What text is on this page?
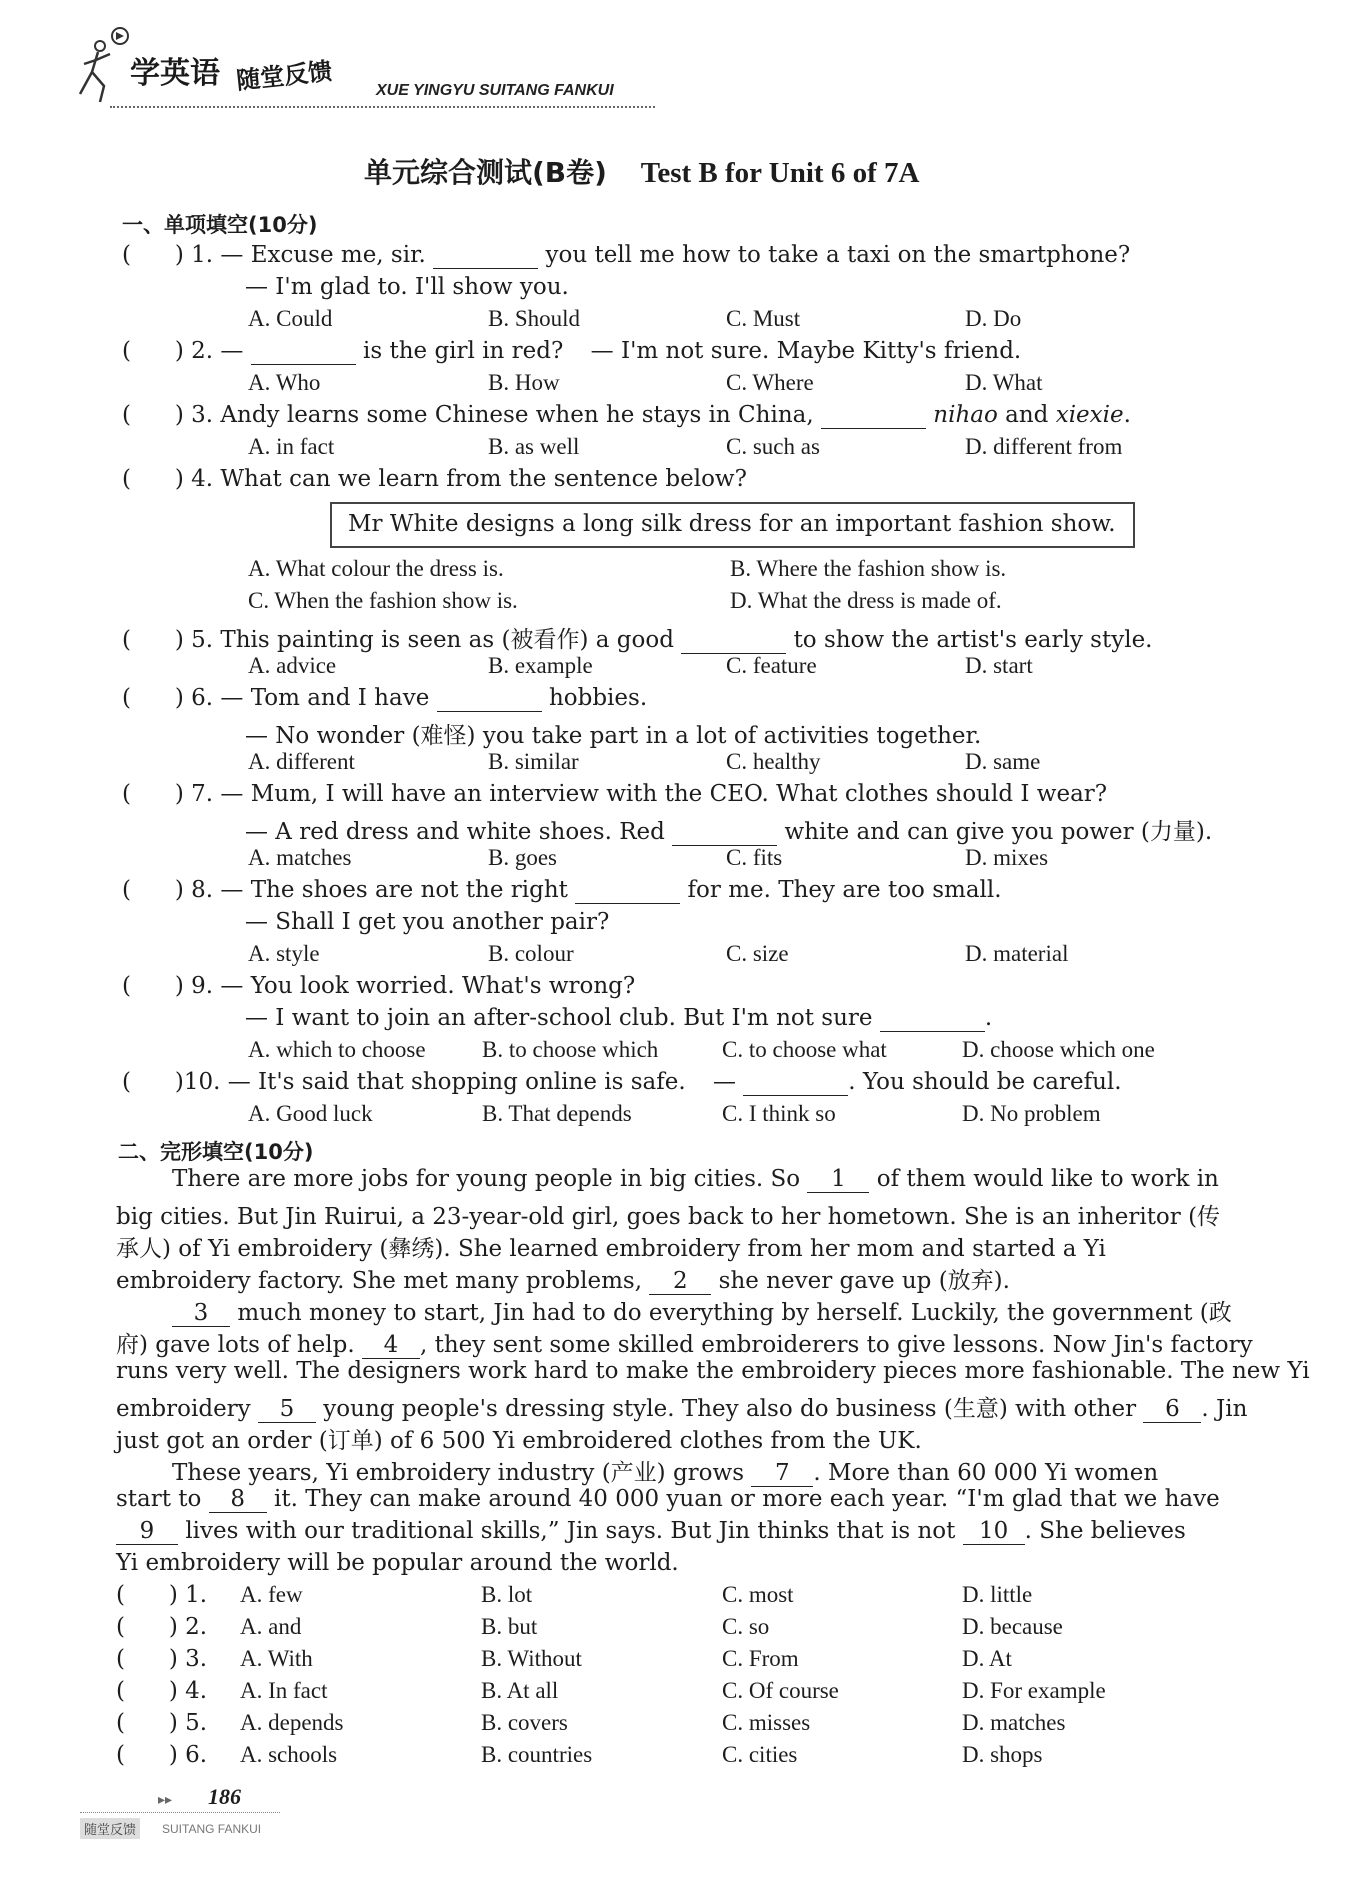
学英语 随堂反馈	XUE YINGYU SUITANG FANKUI
单元综合测试(B卷) Test B for Unit 6 of 7A
一、单项填空(10分)
(      ) 1. — Excuse me, sir.	you tell me how to take a taxi on the smartphone?
— I'm glad to. I'll show you.
A. Could	B. Should	C. Must	D. Do
(      ) 2. —	is the girl in red? — I'm not sure. Maybe Kitty's friend.
A. Who	B. How	C. Where	D. What
(      ) 3. Andy learns some Chinese when he stays in China,	nihao and xiexie.
A. in fact	B. as well	C. such as	D. different from
(      ) 4. What can we learn from the sentence below?
Mr White designs a long silk dress for an important fashion show.
A. What colour the dress is.	B. Where the fashion show is.
C. When the fashion show is.	D. What the dress is made of.
(      ) 5. This painting is seen as (被看作) a good	to show the artist's early style.
A. advice	B. example	C. feature	D. start
(      ) 6. — Tom and I have	hobbies.
— No wonder (难怪) you take part in a lot of activities together.
A. different	B. similar	C. healthy	D. same
(      ) 7. — Mum, I will have an interview with the CEO. What clothes should I wear?
— A red dress and white shoes. Red	white and can give you power (力量).
A. matches	B. goes	C. fits	D. mixes
(      ) 8. — The shoes are not the right	for me. They are too small.
— Shall I get you another pair?
A. style	B. colour	C. size	D. material
(      ) 9. — You look worried. What's wrong?
— I want to join an after-school club. But I'm not sure	.
A. which to choose B. to choose which	C. to choose what	D. choose which one
(      )10. — It's said that shopping online is safe. —	. You should be careful.
A. Good luck	B. That depends	C. I think so	D. No problem
二、完形填空(10分)
There are more jobs for young people in big cities. So 1 of them would like to work in
big cities. But Jin Ruirui, a 23-year-old girl, goes back to her hometown. She is an inheritor (传
承人) of Yi embroidery (彝绣). She learned embroidery from her mom and started a Yi
embroidery factory. She met many problems, 2 she never gave up (放弃).
3 much money to start, Jin had to do everything by herself. Luckily, the government (政
府) gave lots of help. 4 , they sent some skilled embroiderers to give lessons. Now Jin's factory
runs very well. The designers work hard to make the embroidery pieces more fashionable. The new Yi
embroidery 5 young people's dressing style. They also do business (生意) with other 6 . Jin
just got an order (订单) of 6 500 Yi embroidered clothes from the UK.
These years, Yi embroidery industry (产业) grows 7 . More than 60 000 Yi women
start to 8 it. They can make around 40 000 yuan or more each year. “I'm glad that we have
9 lives with our traditional skills,” Jin says. But Jin thinks that is not 10 . She believes
Yi embroidery will be popular around the world.
(      ) 1. A. few	B. lot	C. most	D. little
(      ) 2. A. and	B. but	C. so	D. because
(      ) 3. A. With	B. Without	C. From	D. At
(      ) 4. A. In fact	B. At all	C. Of course	D. For example
(      ) 5. A. depends	B. covers	C. misses	D. matches
(      ) 6. A. schools	B. countries	C. cities	D. shops
▸▸ 186
随堂反馈	SUITANG FANKUI
